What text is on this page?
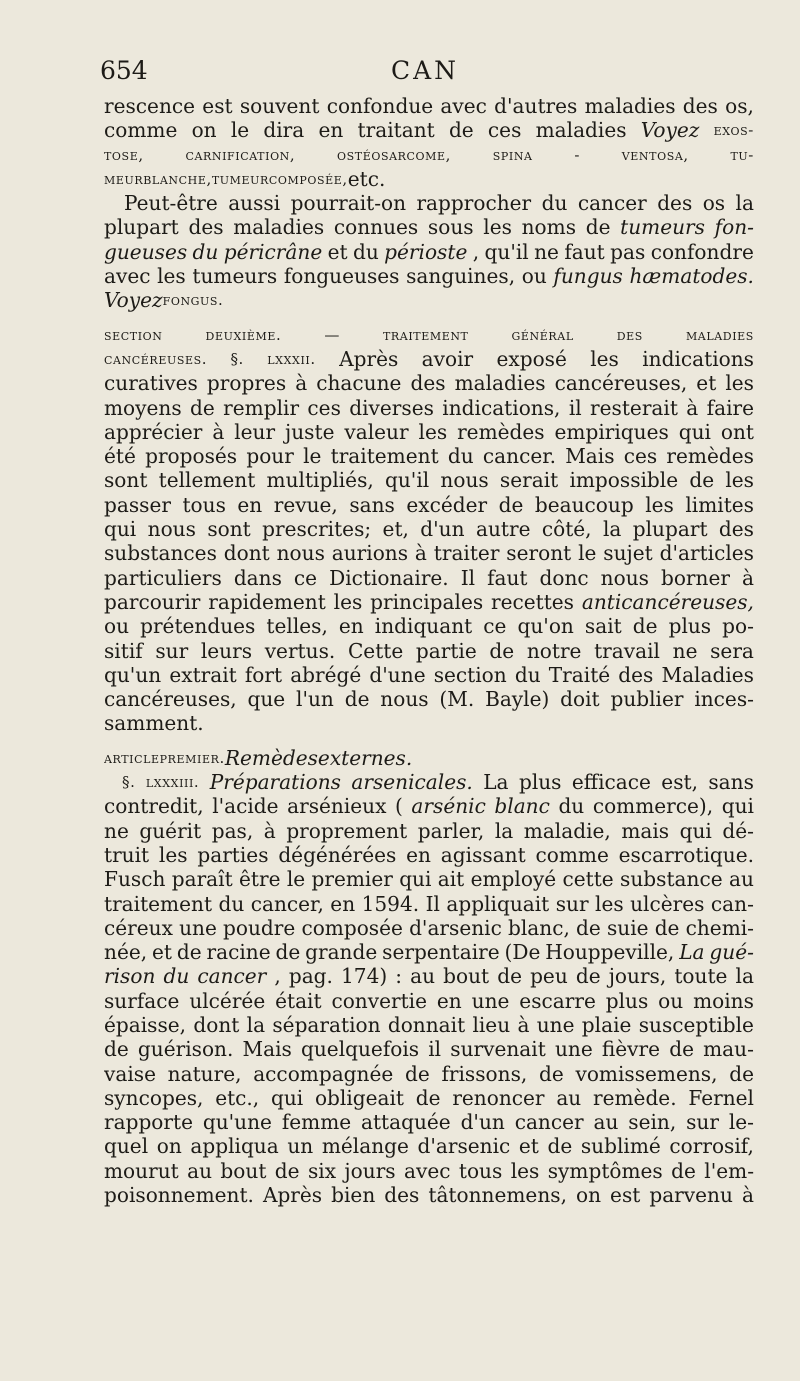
654	CAN
rescence est souvent confondue avec d'autres maladies des os,
comme on le dira en traitant de ces maladies Voyez exos-
tose,	carnification,	ostéosarcome,	spina	-	ventosa,	tu-
meur blanche, tumeur composée, etc.
Peut-être aussi pourrait-on rapprocher du cancer des os la
plupart des maladies connues sous les noms de tumeurs fon-
gueuses du péricrâne et du périoste , qu'il ne faut pas confondre
avec les tumeurs fongueuses sanguines, ou fungus hæmatodes.
Voyez fongus.
section	deuxième.	—	traitement	général	des	maladies
cancéreuses. §. lxxxii. Après avoir exposé les indications
curatives propres à chacune des maladies cancéreuses, et les
moyens de remplir ces diverses indications, il resterait à faire
apprécier à leur juste valeur les remèdes empiriques qui ont
été proposés pour le traitement du cancer. Mais ces remèdes
sont tellement multipliés, qu'il nous serait impossible de les
passer tous en revue, sans excéder de beaucoup les limites
qui nous sont prescrites; et, d'un autre côté, la plupart des
substances dont nous aurions à traiter seront le sujet d'articles
particuliers dans ce Dictionaire. Il faut donc nous borner à
parcourir rapidement les principales recettes anticancéreuses,
ou prétendues telles, en indiquant ce qu'on sait de plus po-
sitif sur leurs vertus. Cette partie de notre travail ne sera
qu'un extrait fort abrégé d'une section du Traité des Maladies
cancéreuses, que l'un de nous (M. Bayle) doit publier inces-
samment.
article premier. Remèdes externes.
§. lxxxiii. Préparations arsenicales. La plus efficace est, sans
contredit, l'acide arsénieux ( arsénic blanc du commerce), qui
ne guérit pas, à proprement parler, la maladie, mais qui dé-
truit les parties dégénérées en agissant comme escarrotique.
Fusch paraît être le premier qui ait employé cette substance au
traitement du cancer, en 1594. Il appliquait sur les ulcères can-
céreux une poudre composée d'arsenic blanc, de suie de chemi-
née, et de racine de grande serpentaire (De Houppeville, La gué-
rison du cancer , pag. 174) : au bout de peu de jours, toute la
surface ulcérée était convertie en une escarre plus ou moins
épaisse, dont la séparation donnait lieu à une plaie susceptible
de guérison. Mais quelquefois il survenait une fièvre de mau-
vaise nature, accompagnée de frissons, de vomissemens, de
syncopes, etc., qui obligeait de renoncer au remède. Fernel
rapporte qu'une femme attaquée d'un cancer au sein, sur le-
quel on appliqua un mélange d'arsenic et de sublimé corrosif,
mourut au bout de six jours avec tous les symptômes de l'em-
poisonnement. Après bien des tâtonnemens, on est parvenu à
